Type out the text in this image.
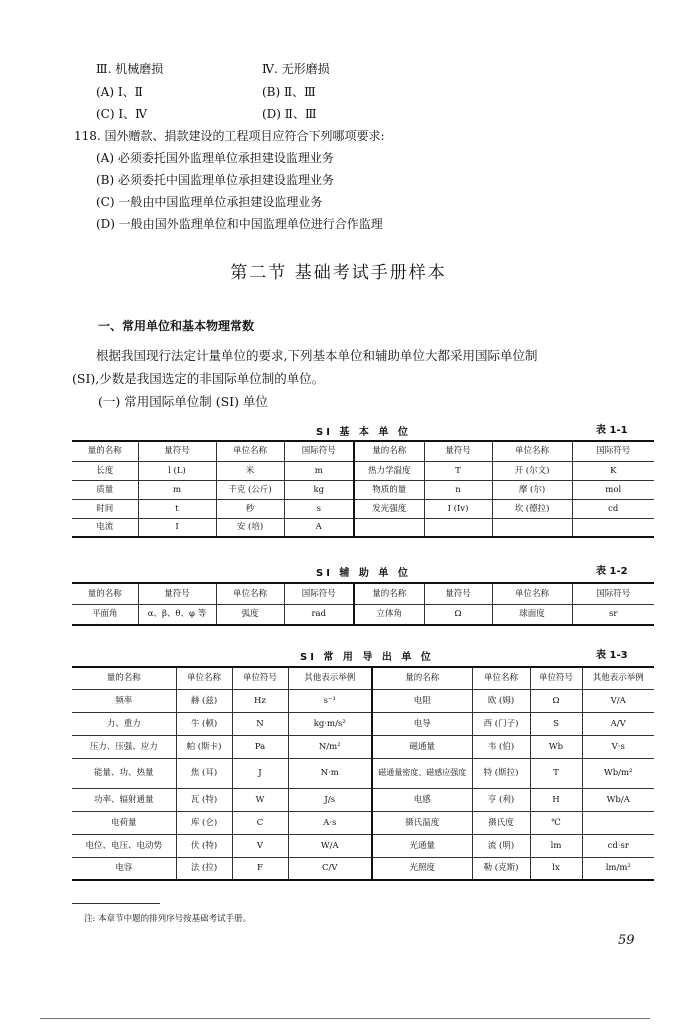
Ⅲ. 机械磨损	Ⅳ. 无形磨损
(A) Ⅰ、Ⅱ	(B) Ⅱ、Ⅲ
(C) Ⅰ、Ⅳ	(D) Ⅱ、Ⅲ
118. 国外赠款、捐款建设的工程项目应符合下列哪项要求:
(A) 必须委托国外监理单位承担建设监理业务
(B) 必须委托中国监理单位承担建设监理业务
(C) 一般由中国监理单位承担建设监理业务
(D) 一般由国外监理单位和中国监理单位进行合作监理
第二节 基础考试手册样本
一、常用单位和基本物理常数
根据我国现行法定计量单位的要求,下列基本单位和辅助单位大都采用国际单位制
(SI),少数是我国选定的非国际单位制的单位。
(一) 常用国际单位制 (SI) 单位
SI 基 本 单 位	表 1-1
量的名称	量符号	单位名称	国际符号	量的名称	量符号	单位名称	国际符号
长度	l (L)	米	m	热力学温度	T	开 (尔文)	K
质量	m	千克 (公斤)	kg	物质的量	n	摩 (尔)	mol
时间	t	秒	s	发光强度	I (Iv)	坎 (德拉)	cd
电流	I	安 (培)	A				
SI 辅 助 单 位	表 1-2
量的名称	量符号	单位名称	国际符号	量的名称	量符号	单位名称	国际符号
平面角	α、β、θ、φ 等	弧度	rad	立体角	Ω	球面度	sr
SI 常 用 导 出 单 位	表 1-3
量的名称	单位名称	单位符号	其他表示举例	量的名称	单位名称	单位符号	其他表示举例
频率	赫 (兹)	Hz	s⁻¹	电阻	欧 (姆)	Ω	V/A
力、重力	牛 (顿)	N	kg·m/s²	电导	西 (门子)	S	A/V
压力、压强、应力	帕 (斯卡)	Pa	N/m²	磁通量	韦 (伯)	Wb	V·s
能量、功、热量	焦 (耳)	J	N·m	磁通量密度、磁感应强度	特 (斯拉)	T	Wb/m²
功率、辐射通量	瓦 (特)	W	J/s	电感	亨 (利)	H	Wb/A
电荷量	库 (仑)	C	A·s	摄氏温度	摄氏度	℃	
电位、电压、电动势	伏 (特)	V	W/A	光通量	流 (明)	lm	cd·sr
电容	法 (拉)	F	C/V	光照度	勒 (克斯)	lx	lm/m²
注: 本章节中题的排列序号按基础考试手册。
59
